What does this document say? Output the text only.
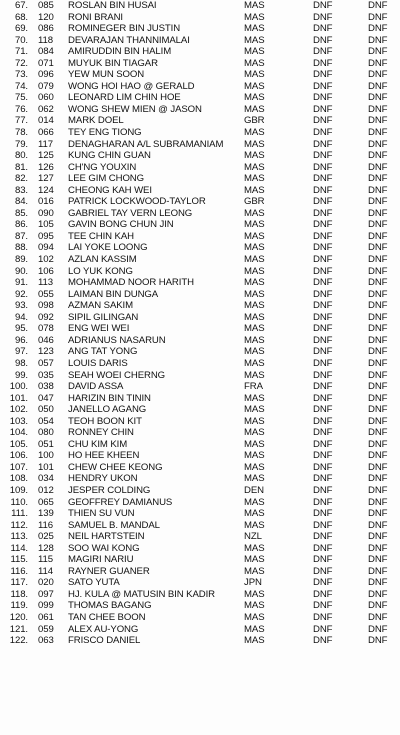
67. 085 ROSLAN BIN HUSAI	MAS	DNF	DNF
68. 120 RONI BRANI	MAS	DNF	DNF
69. 086 ROMINEGER BIN JUSTIN	MAS	DNF	DNF
70. 118 DEVARAJAN THANNIMALAI	MAS	DNF	DNF
71. 084 AMIRUDDIN BIN HALIM	MAS	DNF	DNF
72. 071 MUYUK BIN TIAGAR	MAS	DNF	DNF
73. 096 YEW MUN SOON	MAS	DNF	DNF
74. 079 WONG HOI HAO @ GERALD	MAS	DNF	DNF
75. 060 LEONARD LIM CHIN HOE	MAS	DNF	DNF
76. 062 WONG SHEW MIEN @ JASON	MAS	DNF	DNF
77. 014 MARK DOEL	GBR	DNF	DNF
78. 066 TEY ENG TIONG	MAS	DNF	DNF
79. 117 DENAGHARAN A/L SUBRAMANIAM MAS	DNF	DNF
80. 125 KUNG CHIN GUAN	MAS	DNF	DNF
81. 126 CH'NG YOUXIN	MAS	DNF	DNF
82. 127 LEE GIM CHONG	MAS	DNF	DNF
83. 124 CHEONG KAH WEI	MAS	DNF	DNF
84. 016 PATRICK LOCKWOOD-TAYLOR	GBR	DNF	DNF
85. 090 GABRIEL TAY VERN LEONG	MAS	DNF	DNF
86. 105 GAVIN BONG CHUN JIN	MAS	DNF	DNF
87. 095 TEE CHIN KAH	MAS	DNF	DNF
88. 094 LAI YOKE LOONG	MAS	DNF	DNF
89. 102 AZLAN KASSIM	MAS	DNF	DNF
90. 106 LO YUK KONG	MAS	DNF	DNF
91. 113 MOHAMMAD NOOR HARITH	MAS	DNF	DNF
92. 055 LAIMAN BIN DUNGA	MAS	DNF	DNF
93. 098 AZMAN SAKIM	MAS	DNF	DNF
94. 092 SIPIL GILINGAN	MAS	DNF	DNF
95. 078 ENG WEI WEI	MAS	DNF	DNF
96. 046 ADRIANUS NASARUN	MAS	DNF	DNF
97. 123 ANG TAT YONG	MAS	DNF	DNF
98. 057 LOUIS DARIS	MAS	DNF	DNF
99. 035 SEAH WOEI CHERNG	MAS	DNF	DNF
100. 038 DAVID ASSA	FRA	DNF	DNF
101. 047 HARIZIN BIN TININ	MAS	DNF	DNF
102. 050 JANELLO AGANG	MAS	DNF	DNF
103. 054 TEOH BOON KIT	MAS	DNF	DNF
104. 080 RONNEY CHIN	MAS	DNF	DNF
105. 051 CHU KIM KIM	MAS	DNF	DNF
106. 100 HO HEE KHEEN	MAS	DNF	DNF
107. 101 CHEW CHEE KEONG	MAS	DNF	DNF
108. 034 HENDRY UKON	MAS	DNF	DNF
109. 012 JESPER COLDING	DEN	DNF	DNF
110. 065 GEOFFREY DAMIANUS	MAS	DNF	DNF
111. 139 THIEN SU VUN	MAS	DNF	DNF
112. 116 SAMUEL B. MANDAL	MAS	DNF	DNF
113. 025 NEIL HARTSTEIN	NZL	DNF	DNF
114. 128 SOO WAI KONG	MAS	DNF	DNF
115. 115 MAGIRI NARIU	MAS	DNF	DNF
116. 114 RAYNER GUANER	MAS	DNF	DNF
117. 020 SATO YUTA	JPN	DNF	DNF
118. 097 HJ. KULA @ MATUSIN BIN KADIR	MAS	DNF	DNF
119. 099 THOMAS BAGANG	MAS	DNF	DNF
120. 061 TAN CHEE BOON	MAS	DNF	DNF
121. 059 ALEX AU-YONG	MAS	DNF	DNF
122. 063 FRISCO DANIEL	MAS	DNF	DNF
